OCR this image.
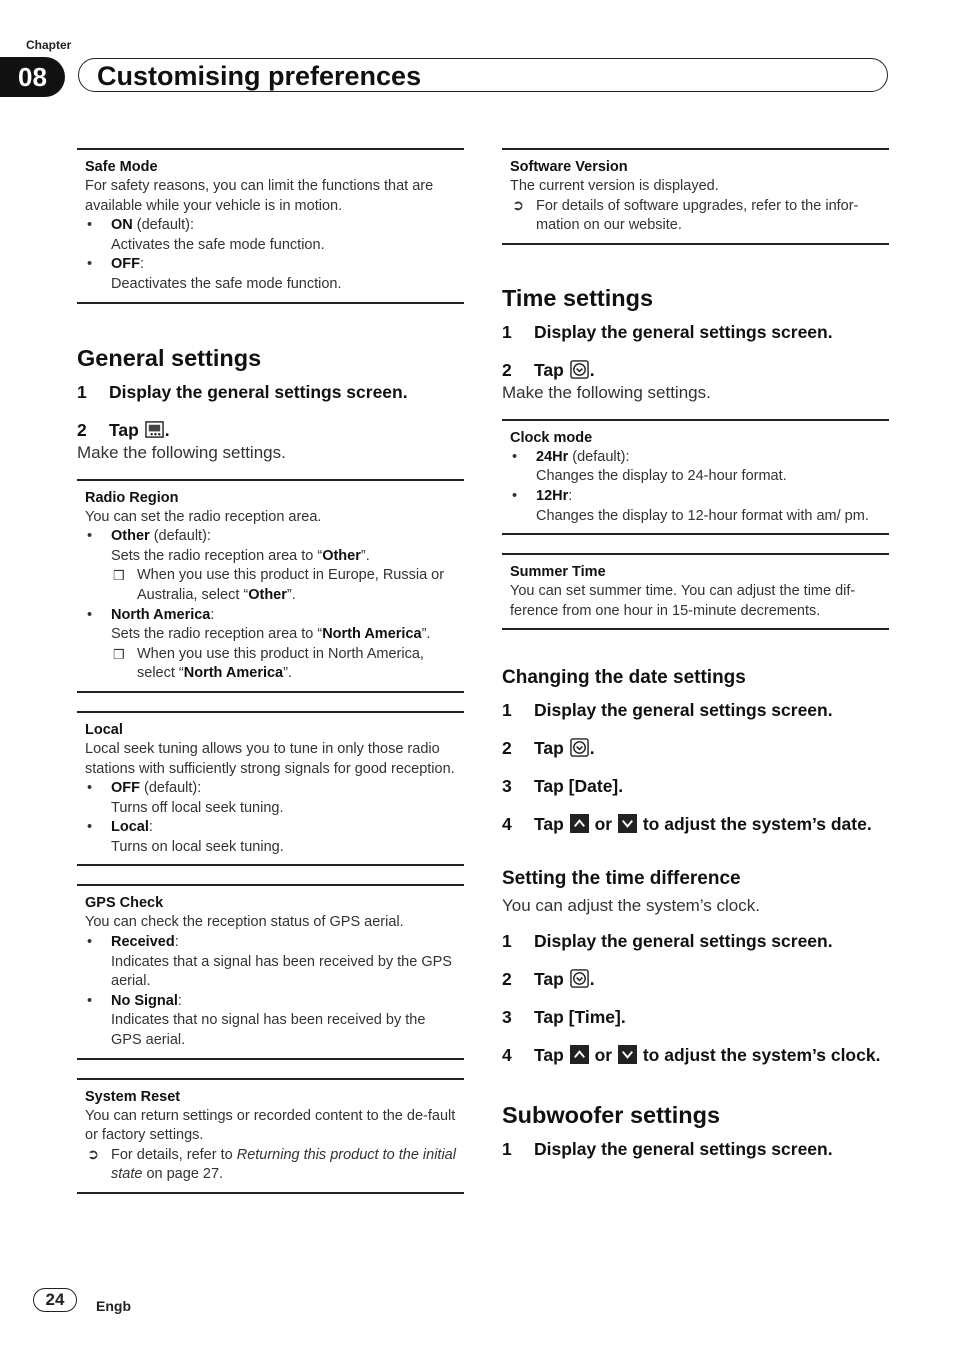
Chapter
08	Customising preferences
Safe Mode
For safety reasons, you can limit the functions that are available while your vehicle is in motion.
• ON (default):
Activates the safe mode function.
• OFF:
Deactivates the safe mode function.
General settings
1 Display the general settings screen.
2 Tap .
Make the following settings.
Radio Region
You can set the radio reception area.
• Other (default):
Sets the radio reception area to “Other”.
❒ When you use this product in Europe, Russia or Australia, select “Other”.
• North America:
Sets the radio reception area to “North America”.
❒ When you use this product in North America, select “North America”.
Local
Local seek tuning allows you to tune in only those radio stations with sufficiently strong signals for good reception.
• OFF (default):
Turns off local seek tuning.
• Local:
Turns on local seek tuning.
GPS Check
You can check the reception status of GPS aerial.
• Received:
Indicates that a signal has been received by the GPS aerial.
• No Signal:
Indicates that no signal has been received by the GPS aerial.
System Reset
You can return settings or recorded content to the de-fault or factory settings.
➲ For details, refer to Returning this product to the initial state on page 27.
Software Version
The current version is displayed.
➲ For details of software upgrades, refer to the infor-mation on our website.
Time settings
1 Display the general settings screen.
2 Tap .
Make the following settings.
Clock mode
• 24Hr (default):
Changes the display to 24-hour format.
• 12Hr:
Changes the display to 12-hour format with am/ pm.
Summer Time
You can set summer time. You can adjust the time dif-ference from one hour in 15-minute decrements.
Changing the date settings
1 Display the general settings screen.
2 Tap .
3 Tap [Date].
4 Tap or to adjust the system’s date.
Setting the time difference
You can adjust the system’s clock.
1 Display the general settings screen.
2 Tap .
3 Tap [Time].
4 Tap or to adjust the system’s clock.
Subwoofer settings
1 Display the general settings screen.
24	Engb
